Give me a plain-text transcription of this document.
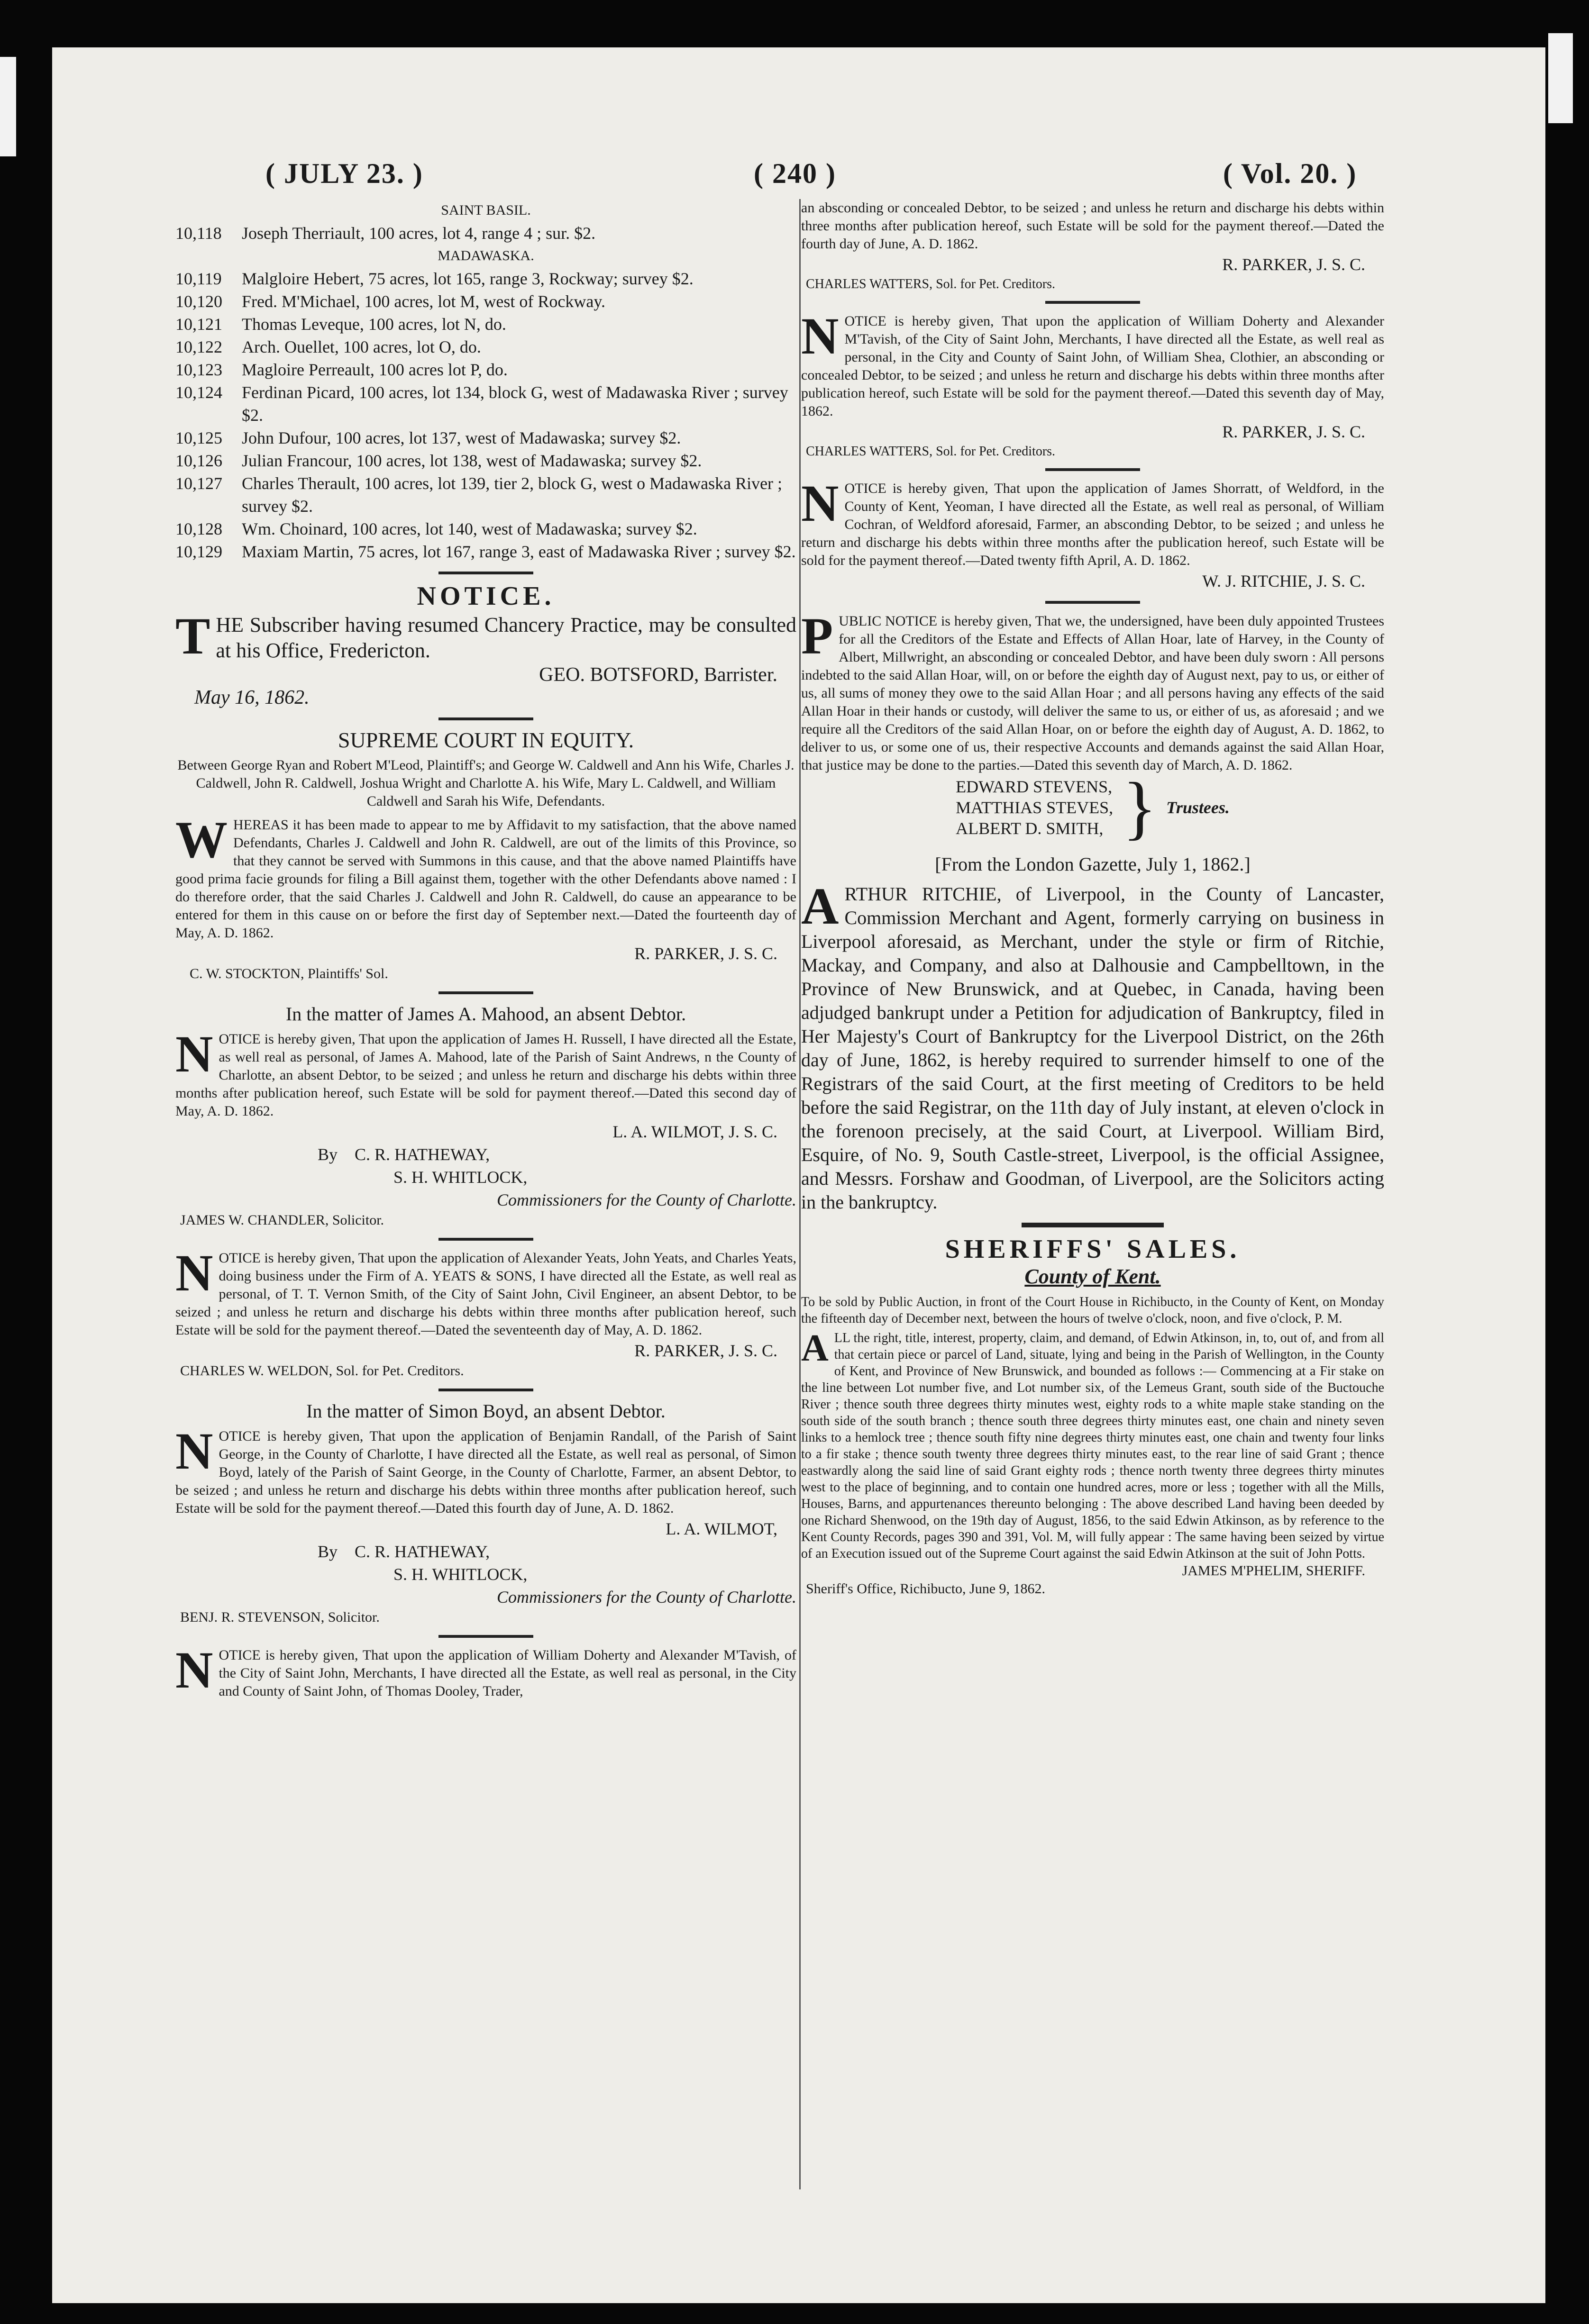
( JULY 23. )	( 240 )	( Vol. 20. )
SAINT BASIL.
10,118	Joseph Therriault, 100 acres, lot 4, range 4 ; sur. $2.
MADAWASKA.
10,119	Malgloire Hebert, 75 acres, lot 165, range 3, Rockway; survey $2.
10,120	Fred. M'Michael, 100 acres, lot M, west of Rockway.
10,121	Thomas Leveque, 100 acres, lot N, do.
10,122	Arch. Ouellet, 100 acres, lot O, do.
10,123	Magloire Perreault, 100 acres lot P, do.
10,124	Ferdinan Picard, 100 acres, lot 134, block G, west of Madawaska River ; survey $2.
10,125	John Dufour, 100 acres, lot 137, west of Madawaska; survey $2.
10,126	Julian Francour, 100 acres, lot 138, west of Madawaska; survey $2.
10,127	Charles Therault, 100 acres, lot 139, tier 2, block G, west o Madawaska River ; survey $2.
10,128	Wm. Choinard, 100 acres, lot 140, west of Madawaska; survey $2.
10,129	Maxiam Martin, 75 acres, lot 167, range 3, east of Madawaska River ; survey $2.
NOTICE.

THE Subscriber having resumed Chancery Practice, may be consulted at his Office, Fredericton.

GEO. BOTSFORD, Barrister.
May 16, 1862.
SUPREME COURT IN EQUITY.

Between George Ryan and Robert M'Leod, Plaintiff's; and George W. Caldwell and Ann his Wife, Charles J. Caldwell, John R. Caldwell, Joshua Wright and Charlotte A. his Wife, Mary L. Caldwell, and William Caldwell and Sarah his Wife, Defendants.

WHEREAS it has been made to appear to me by Affidavit to my satisfaction, that the above named Defendants, Charles J. Caldwell and John R. Caldwell, are out of the limits of this Province, so that they cannot be served with Summons in this cause, and that the above named Plaintiffs have good prima facie grounds for filing a Bill against them, together with the other Defendants above named : I do therefore order, that the said Charles J. Caldwell and John R. Caldwell, do cause an appearance to be entered for them in this cause on or before the first day of September next.—Dated the fourteenth day of May, A. D. 1862.

R. PARKER, J. S. C.
C. W. STOCKTON, Plaintiffs' Sol.
In the matter of James A. Mahood, an absent Debtor.

NOTICE is hereby given, That upon the application of James H. Russell, I have directed all the Estate, as well real as personal, of James A. Mahood, late of the Parish of Saint Andrews, n the County of Charlotte, an absent Debtor, to be seized ; and unless he return and discharge his debts within three months after publication hereof, such Estate will be sold for payment thereof.—Dated this second day of May, A. D. 1862.

L. A. WILMOT, J. S. C.
By C. R. HATHEWAY,
S. H. WHITLOCK,
Commissioners for the County of Charlotte.
JAMES W. CHANDLER, Solicitor.

NOTICE is hereby given, That upon the application of Alexander Yeats, John Yeats, and Charles Yeats, doing business under the Firm of A. YEATS & SONS, I have directed all the Estate, as well real as personal, of T. T. Vernon Smith, of the City of Saint John, Civil Engineer, an absent Debtor, to be seized ; and unless he return and discharge his debts within three months after publication hereof, such Estate will be sold for the payment thereof.—Dated the seventeenth day of May, A. D. 1862.

R. PARKER, J. S. C.
CHARLES W. WELDON, Sol. for Pet. Creditors.
In the matter of Simon Boyd, an absent Debtor.

NOTICE is hereby given, That upon the application of Benjamin Randall, of the Parish of Saint George, in the County of Charlotte, I have directed all the Estate, as well real as personal, of Simon Boyd, lately of the Parish of Saint George, in the County of Charlotte, Farmer, an absent Debtor, to be seized ; and unless he return and discharge his debts within three months after publication hereof, such Estate will be sold for the payment thereof.—Dated this fourth day of June, A. D. 1862.

L. A. WILMOT,
By C. R. HATHEWAY,
S. H. WHITLOCK,
Commissioners for the County of Charlotte.
BENJ. R. STEVENSON, Solicitor.

NOTICE is hereby given, That upon the application of William Doherty and Alexander M'Tavish, of the City of Saint John, Merchants, I have directed all the Estate, as well real as personal, in the City and County of Saint John, of Thomas Dooley, Trader,

an absconding or concealed Debtor, to be seized ; and unless he return and discharge his debts within three months after publication hereof, such Estate will be sold for the payment thereof.—Dated the fourth day of June, A. D. 1862.

R. PARKER, J. S. C.
CHARLES WATTERS, Sol. for Pet. Creditors.

NOTICE is hereby given, That upon the application of William Doherty and Alexander M'Tavish, of the City of Saint John, Merchants, I have directed all the Estate, as well real as personal, in the City and County of Saint John, of William Shea, Clothier, an absconding or concealed Debtor, to be seized ; and unless he return and discharge his debts within three months after publication hereof, such Estate will be sold for the payment thereof.—Dated this seventh day of May, 1862.

R. PARKER, J. S. C.
CHARLES WATTERS, Sol. for Pet. Creditors.

NOTICE is hereby given, That upon the application of James Shorratt, of Weldford, in the County of Kent, Yeoman, I have directed all the Estate, as well real as personal, of William Cochran, of Weldford aforesaid, Farmer, an absconding Debtor, to be seized ; and unless he return and discharge his debts within three months after the publication hereof, such Estate will be sold for the payment thereof.—Dated twenty fifth April, A. D. 1862.

W. J. RITCHIE, J. S. C.

PUBLIC NOTICE is hereby given, That we, the undersigned, have been duly appointed Trustees for all the Creditors of the Estate and Effects of Allan Hoar, late of Harvey, in the County of Albert, Millwright, an absconding or concealed Debtor, and have been duly sworn : All persons indebted to the said Allan Hoar, will, on or before the eighth day of August next, pay to us, or either of us, all sums of money they owe to the said Allan Hoar ; and all persons having any effects of the said Allan Hoar in their hands or custody, will deliver the same to us, or either of us, as aforesaid ; and we require all the Creditors of the said Allan Hoar, on or before the eighth day of August, A. D. 1862, to deliver to us, or some one of us, their respective Accounts and demands against the said Allan Hoar, that justice may be done to the parties.—Dated this seventh day of March, A. D. 1862.

EDWARD STEVENS,
MATTHIAS STEVES,
ALBERT D. SMITH, } Trustees.
[From the London Gazette, July 1, 1862.]

ARTHUR RITCHIE, of Liverpool, in the County of Lancaster, Commission Merchant and Agent, formerly carrying on business in Liverpool aforesaid, as Merchant, under the style or firm of Ritchie, Mackay, and Company, and also at Dalhousie and Campbelltown, in the Province of New Brunswick, and at Quebec, in Canada, having been adjudged bankrupt under a Petition for adjudication of Bankruptcy, filed in Her Majesty's Court of Bankruptcy for the Liverpool District, on the 26th day of June, 1862, is hereby required to surrender himself to one of the Registrars of the said Court, at the first meeting of Creditors to be held before the said Registrar, on the 11th day of July instant, at eleven o'clock in the forenoon precisely, at the said Court, at Liverpool. William Bird, Esquire, of No. 9, South Castle-street, Liverpool, is the official Assignee, and Messrs. Forshaw and Goodman, of Liverpool, are the Solicitors acting in the bankruptcy.

SHERIFFS' SALES.
County of Kent.

To be sold by Public Auction, in front of the Court House in Richibucto, in the County of Kent, on Monday the fifteenth day of December next, between the hours of twelve o'clock, noon, and five o'clock, P. M.

ALL the right, title, interest, property, claim, and demand, of Edwin Atkinson, in, to, out of, and from all that certain piece or parcel of Land, situate, lying and being in the Parish of Wellington, in the County of Kent, and Province of New Brunswick, and bounded as follows :— Commencing at a Fir stake on the line between Lot number five, and Lot number six, of the Lemeus Grant, south side of the Buctouche River ; thence south three degrees thirty minutes west, eighty rods to a white maple stake standing on the south side of the south branch ; thence south three degrees thirty minutes east, one chain and ninety seven links to a hemlock tree ; thence south fifty nine degrees thirty minutes east, one chain and twenty four links to a fir stake ; thence south twenty three degrees thirty minutes east, to the rear line of said Grant ; thence eastwardly along the said line of said Grant eighty rods ; thence north twenty three degrees thirty minutes west to the place of beginning, and to contain one hundred acres, more or less ; together with all the Mills, Houses, Barns, and appurtenances thereunto belonging : The above described Land having been deeded by one Richard Shenwood, on the 19th day of August, 1856, to the said Edwin Atkinson, as by reference to the Kent County Records, pages 390 and 391, Vol. M, will fully appear : The same having been seized by virtue of an Execution issued out of the Supreme Court against the said Edwin Atkinson at the suit of John Potts.

JAMES M'PHELIM, SHERIFF.
Sheriff's Office, Richibucto, June 9, 1862.
